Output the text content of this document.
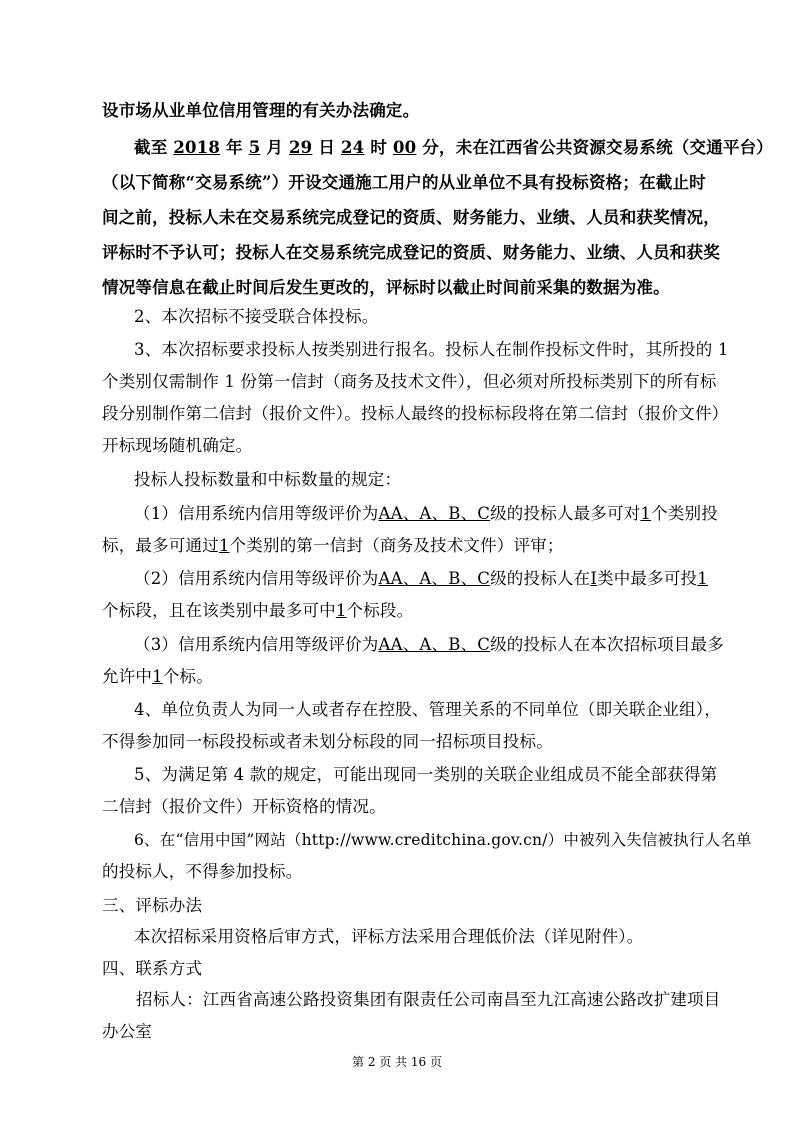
设市场从业单位信用管理的有关办法确定。
截至 2018 年 5 月 29 日 24 时 00 分，未在江西省公共资源交易系统（交通平台）
（以下简称“交易系统”）开设交通施工用户的从业单位不具有投标资格；在截止时
间之前，投标人未在交易系统完成登记的资质、财务能力、业绩、人员和获奖情况，
评标时不予认可；投标人在交易系统完成登记的资质、财务能力、业绩、人员和获奖
情况等信息在截止时间后发生更改的，评标时以截止时间前采集的数据为准。
2、本次招标不接受联合体投标。
3、本次招标要求投标人按类别进行报名。投标人在制作投标文件时，其所投的 1
个类别仅需制作 1 份第一信封（商务及技术文件），但必须对所投标类别下的所有标
段分别制作第二信封（报价文件）。投标人最终的投标标段将在第二信封（报价文件）
开标现场随机确定。
投标人投标数量和中标数量的规定：
（1）信用系统内信用等级评价为AA、A、B、C级的投标人最多可对1个类别投
标，最多可通过1个类别的第一信封（商务及技术文件）评审；
（2）信用系统内信用等级评价为AA、A、B、C级的投标人在Ⅰ类中最多可投1
个标段，且在该类别中最多可中1个标段。
（3）信用系统内信用等级评价为AA、A、B、C级的投标人在本次招标项目最多
允许中1个标。
4、单位负责人为同一人或者存在控股、管理关系的不同单位（即关联企业组），
不得参加同一标段投标或者未划分标段的同一招标项目投标。
5、为满足第 4 款的规定，可能出现同一类别的关联企业组成员不能全部获得第
二信封（报价文件）开标资格的情况。
6、在“信用中国”网站（http://www.creditchina.gov.cn/）中被列入失信被执行人名单
的投标人，不得参加投标。
三、评标办法
本次招标采用资格后审方式，评标方法采用合理低价法（详见附件）。
四、联系方式
招标人：江西省高速公路投资集团有限责任公司南昌至九江高速公路改扩建项目
办公室
第 2 页 共 16 页
